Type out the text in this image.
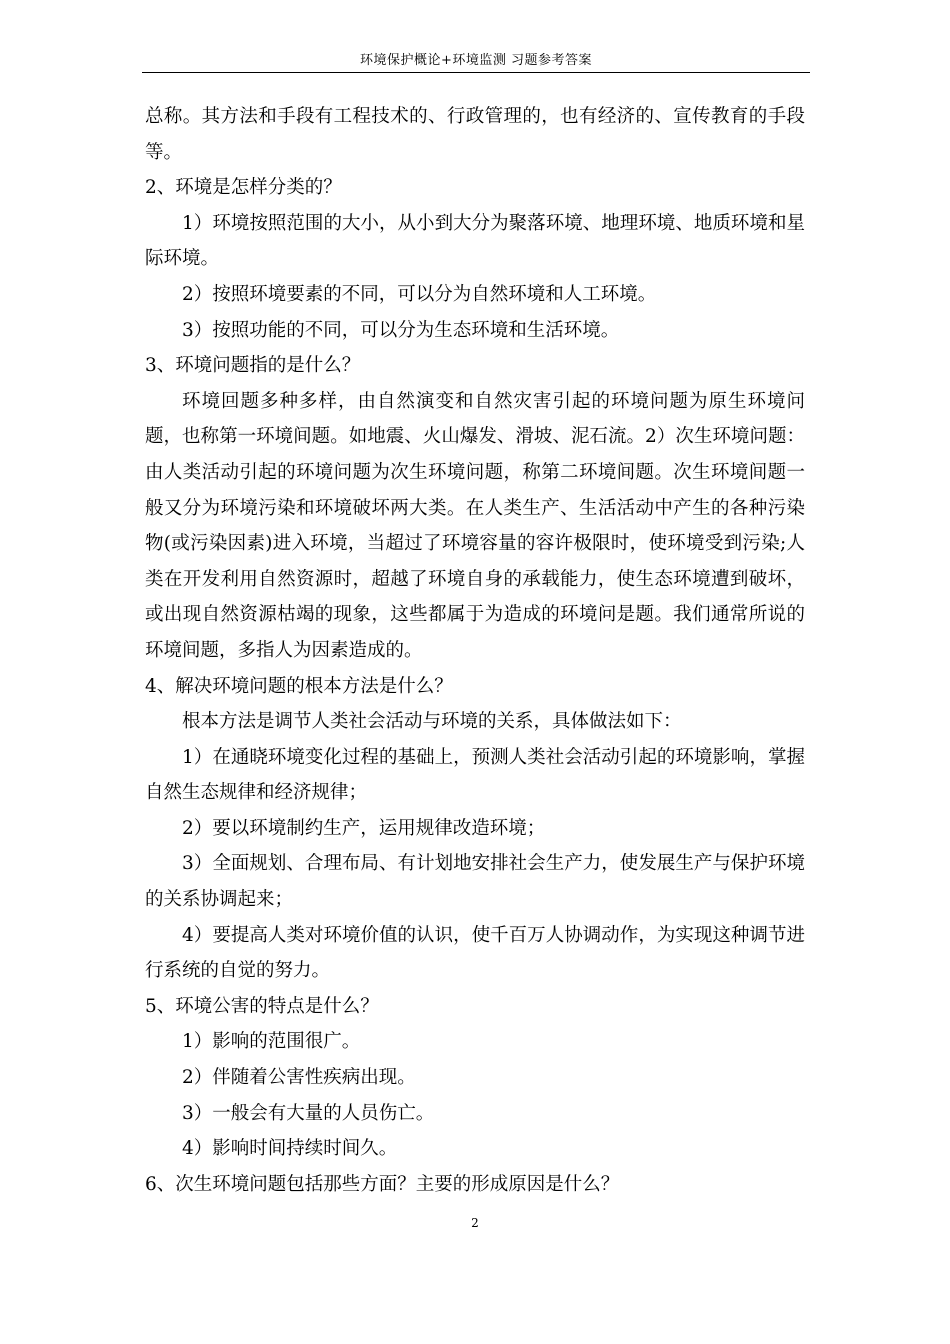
环境保护概论+环境监测 习题参考答案

总称。其方法和手段有工程技术的、行政管理的，也有经济的、宣传教育的手段等。

2、环境是怎样分类的？

1）环境按照范围的大小，从小到大分为聚落环境、地理环境、地质环境和星际环境。

2）按照环境要素的不同，可以分为自然环境和人工环境。

3）按照功能的不同，可以分为生态环境和生活环境。

3、环境问题指的是什么？

环境回题多种多样，由自然演变和自然灾害引起的环境问题为原生环境问题，也称第一环境间题。如地震、火山爆发、滑坡、泥石流。2）次生环境问题：由人类活动引起的环境问题为次生环境问题，称第二环境间题。次生环境间题一般又分为环境污染和环境破坏两大类。在人类生产、生活活动中产生的各种污染物(或污染因素)进入环境，当超过了环境容量的容许极限时，使环境受到污染;人类在开发利用自然资源时，超越了环境自身的承载能力，使生态环境遭到破坏，或出现自然资源枯竭的现象，这些都属于为造成的环境问是题。我们通常所说的环境间题，多指人为因素造成的。

4、解决环境问题的根本方法是什么？

根本方法是调节人类社会活动与环境的关系，具体做法如下：

1）在通晓环境变化过程的基础上，预测人类社会活动引起的环境影响，掌握自然生态规律和经济规律；

2）要以环境制约生产，运用规律改造环境；

3）全面规划、合理布局、有计划地安排社会生产力，使发展生产与保护环境的关系协调起来；

4）要提高人类对环境价值的认识，使千百万人协调动作，为实现这种调节进行系统的自觉的努力。

5、环境公害的特点是什么？

1）影响的范围很广。

2）伴随着公害性疾病出现。

3）一般会有大量的人员伤亡。

4）影响时间持续时间久。

6、次生环境问题包括那些方面？主要的形成原因是什么？

2
